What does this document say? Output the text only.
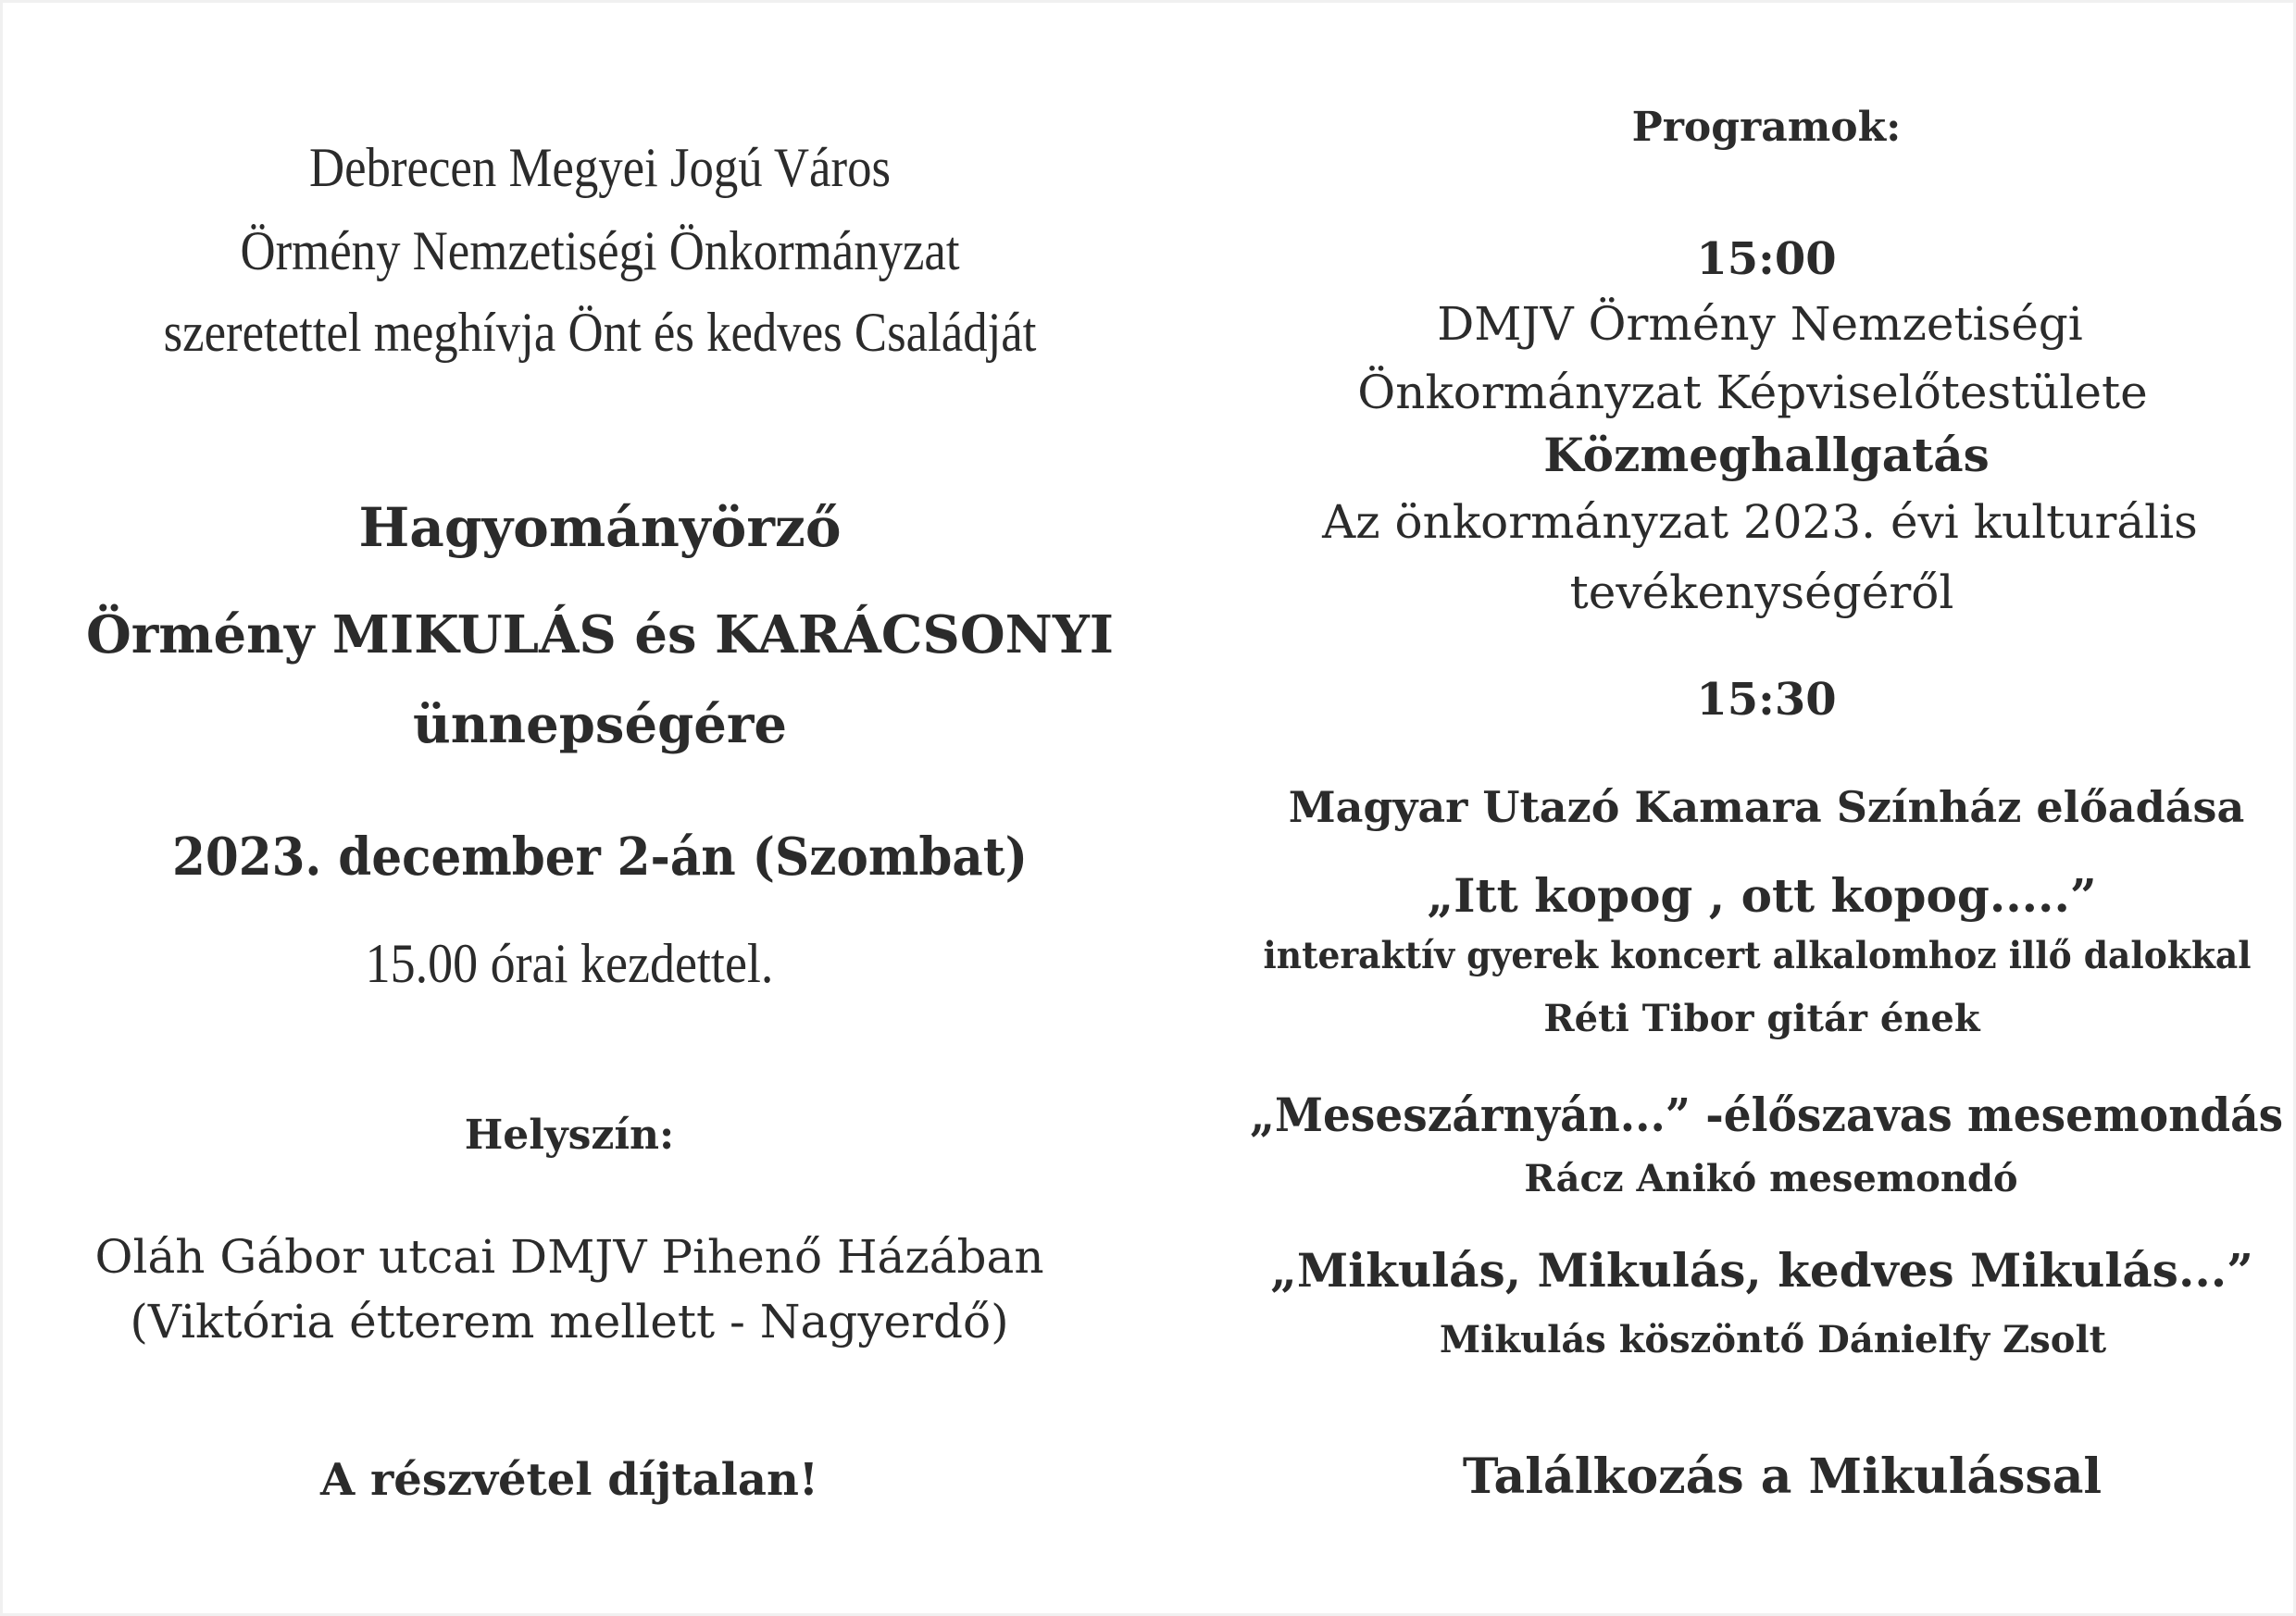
Debrecen Megyei Jogú Város
Örmény Nemzetiségi Önkormányzat
szeretettel meghívja Önt és kedves Családját
Hagyományörző
Örmény MIKULÁS és KARÁCSONYI
ünnepségére
2023. december 2-án (Szombat)
15.00 órai kezdettel.
Helyszín:
Oláh Gábor utcai DMJV Pihenő Házában
(Viktória étterem mellett - Nagyerdő)
A részvétel díjtalan!
Programok:
15:00
DMJV Örmény Nemzetiségi
Önkormányzat Képviselőtestülete
Közmeghallgatás
Az önkormányzat 2023. évi kulturális
tevékenységéről
15:30
Magyar Utazó Kamara Színház előadása
„Itt kopog , ott kopog.....”
interaktív gyerek koncert alkalomhoz illő dalokkal
Réti Tibor gitár ének
„Meseszárnyán...” -élőszavas mesemondás
Rácz Anikó mesemondó
„Mikulás, Mikulás, kedves Mikulás...”
Mikulás köszöntő Dánielfy Zsolt
Találkozás a Mikulással
